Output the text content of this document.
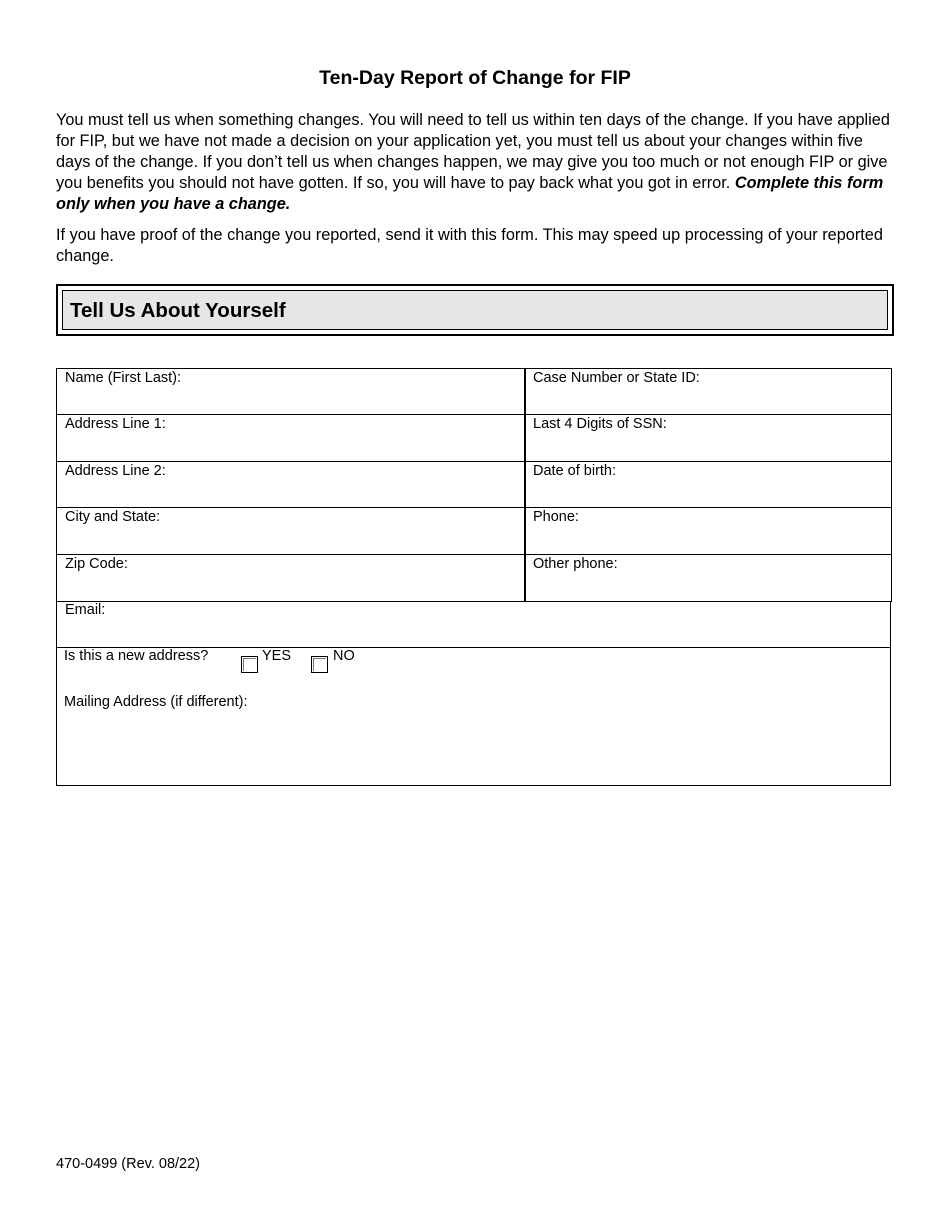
Ten-Day Report of Change for FIP

You must tell us when something changes. You will need to tell us within ten days of the change. If you have applied for FIP, but we have not made a decision on your application yet, you must tell us about your changes within five days of the change. If you don’t tell us when changes happen, we may give you too much or not enough FIP or give you benefits you should not have gotten. If so, you will have to pay back what you got in error. Complete this form only when you have a change.

If you have proof of the change you reported, send it with this form. This may speed up processing of your reported change.

Tell Us About Yourself
Name (First Last):	Case Number or State ID:
Address Line 1:	Last 4 Digits of SSN:
Address Line 2:	Date of birth:
City and State:	Phone:
Zip Code:	Other phone:
Email:
Is this a new address?	YES	NO
Mailing Address (if different):

470-0499 (Rev. 08/22)
